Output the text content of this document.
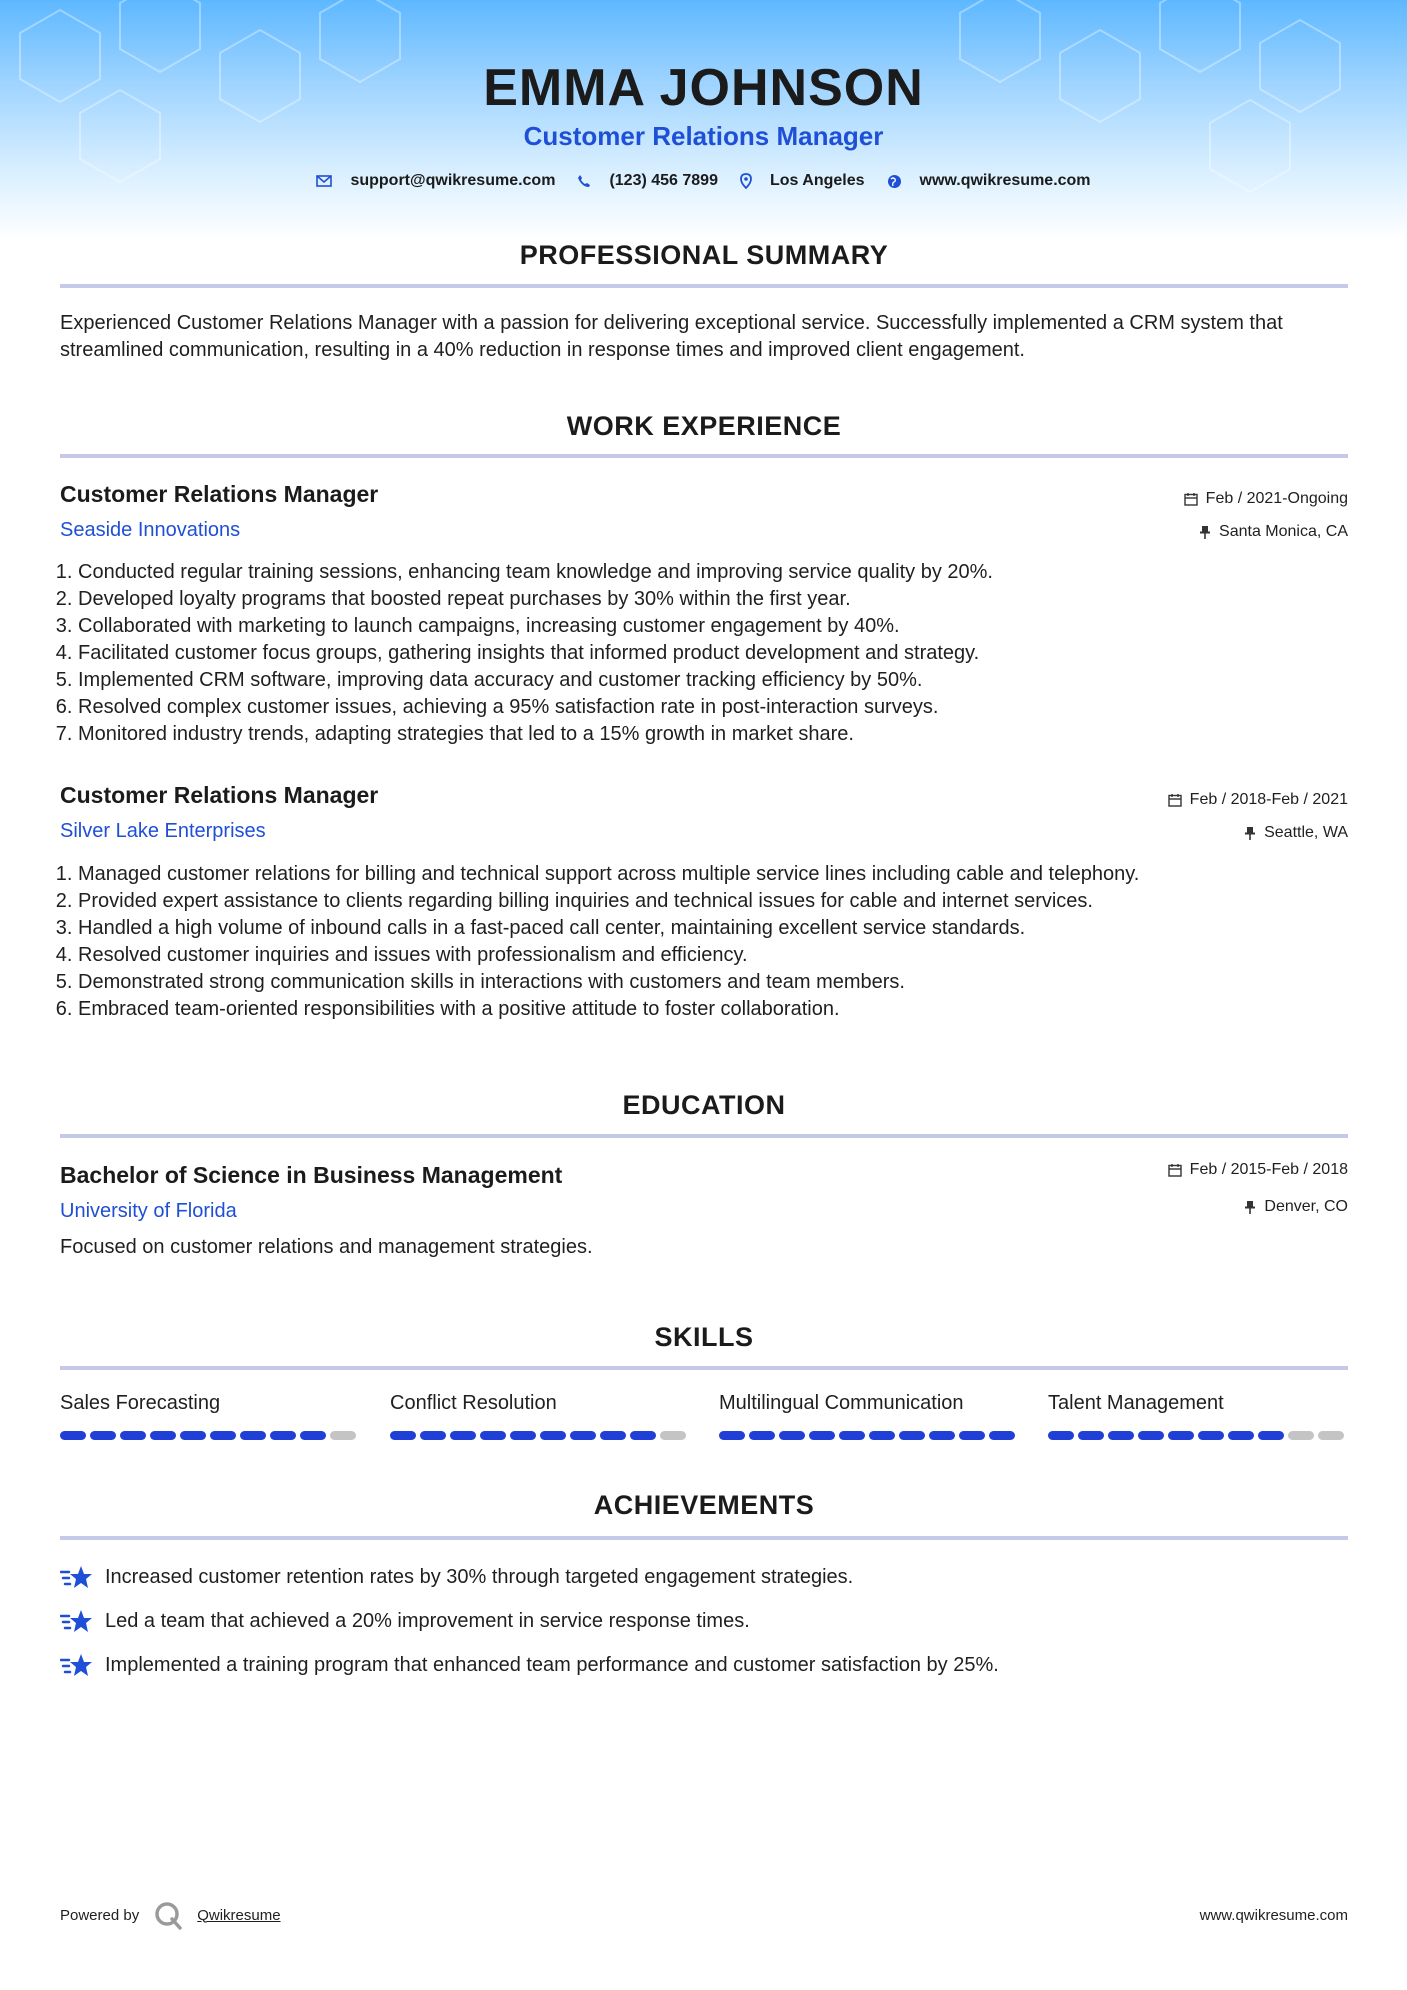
EMMA JOHNSON
Customer Relations Manager
support@qwikresume.com	(123) 456 7899	Los Angeles	www.qwikresume.com
PROFESSIONAL SUMMARY
Experienced Customer Relations Manager with a passion for delivering exceptional service. Successfully implemented a CRM system that streamlined communication, resulting in a 40% reduction in response times and improved client engagement.
WORK EXPERIENCE
Customer Relations Manager	Feb / 2021-Ongoing
Seaside Innovations	Santa Monica, CA
1. Conducted regular training sessions, enhancing team knowledge and improving service quality by 20%.
2. Developed loyalty programs that boosted repeat purchases by 30% within the first year.
3. Collaborated with marketing to launch campaigns, increasing customer engagement by 40%.
4. Facilitated customer focus groups, gathering insights that informed product development and strategy.
5. Implemented CRM software, improving data accuracy and customer tracking efficiency by 50%.
6. Resolved complex customer issues, achieving a 95% satisfaction rate in post-interaction surveys.
7. Monitored industry trends, adapting strategies that led to a 15% growth in market share.
Customer Relations Manager	Feb / 2018-Feb / 2021
Silver Lake Enterprises	Seattle, WA
1. Managed customer relations for billing and technical support across multiple service lines including cable and telephony.
2. Provided expert assistance to clients regarding billing inquiries and technical issues for cable and internet services.
3. Handled a high volume of inbound calls in a fast-paced call center, maintaining excellent service standards.
4. Resolved customer inquiries and issues with professionalism and efficiency.
5. Demonstrated strong communication skills in interactions with customers and team members.
6. Embraced team-oriented responsibilities with a positive attitude to foster collaboration.
EDUCATION
Bachelor of Science in Business Management	Feb / 2015-Feb / 2018
University of Florida	Denver, CO
Focused on customer relations and management strategies.
SKILLS
Sales Forecasting	Conflict Resolution	Multilingual Communication	Talent Management
ACHIEVEMENTS
Increased customer retention rates by 30% through targeted engagement strategies.
Led a team that achieved a 20% improvement in service response times.
Implemented a training program that enhanced team performance and customer satisfaction by 25%.
Powered by	Qwikresume	www.qwikresume.com
